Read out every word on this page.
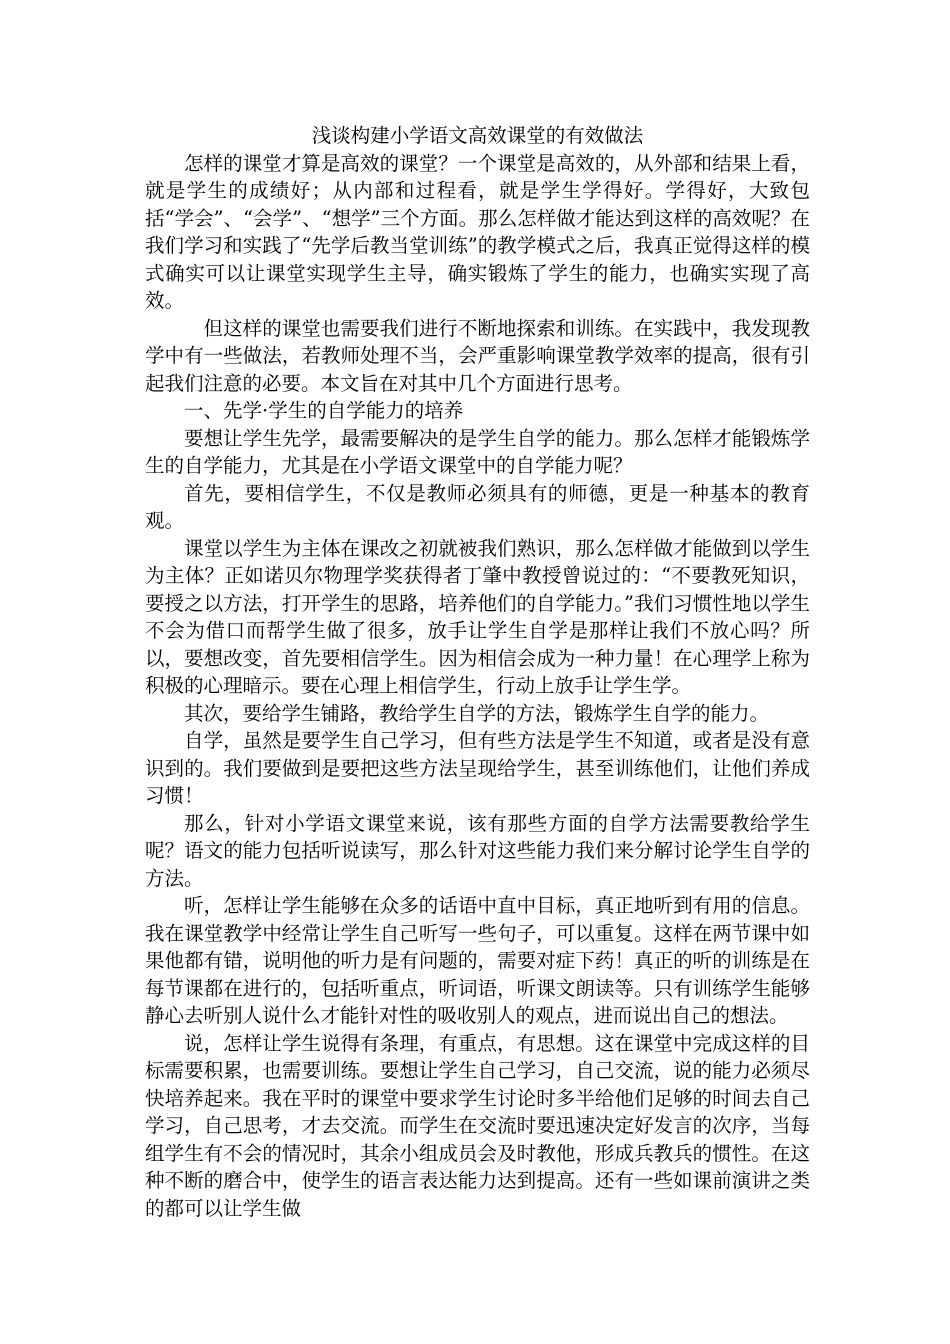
浅谈构建小学语文高效课堂的有效做法

怎样的课堂才算是高效的课堂？一个课堂是高效的，从外部和结果上看，就是学生的成绩好；从内部和过程看，就是学生学得好。学得好，大致包括“学会”、“会学”、“想学”三个方面。那么怎样做才能达到这样的高效呢？在我们学习和实践了“先学后教当堂训练”的教学模式之后，我真正觉得这样的模式确实可以让课堂实现学生主导，确实锻炼了学生的能力，也确实实现了高效。

但这样的课堂也需要我们进行不断地探索和训练。在实践中，我发现教学中有一些做法，若教师处理不当，会严重影响课堂教学效率的提高，很有引起我们注意的必要。本文旨在对其中几个方面进行思考。

一、先学·学生的自学能力的培养

要想让学生先学，最需要解决的是学生自学的能力。那么怎样才能锻炼学生的自学能力，尤其是在小学语文课堂中的自学能力呢？

首先，要相信学生，不仅是教师必须具有的师德，更是一种基本的教育观。

课堂以学生为主体在课改之初就被我们熟识，那么怎样做才能做到以学生为主体？正如诺贝尔物理学奖获得者丁肇中教授曾说过的：“不要教死知识，要授之以方法，打开学生的思路，培养他们的自学能力。”我们习惯性地以学生不会为借口而帮学生做了很多，放手让学生自学是那样让我们不放心吗？所以，要想改变，首先要相信学生。因为相信会成为一种力量！在心理学上称为积极的心理暗示。要在心理上相信学生，行动上放手让学生学。

其次，要给学生铺路，教给学生自学的方法，锻炼学生自学的能力。

自学，虽然是要学生自己学习，但有些方法是学生不知道，或者是没有意识到的。我们要做到是要把这些方法呈现给学生，甚至训练他们，让他们养成习惯！

那么，针对小学语文课堂来说，该有那些方面的自学方法需要教给学生呢？语文的能力包括听说读写，那么针对这些能力我们来分解讨论学生自学的方法。

听，怎样让学生能够在众多的话语中直中目标，真正地听到有用的信息。我在课堂教学中经常让学生自己听写一些句子，可以重复。这样在两节课中如果他都有错，说明他的听力是有问题的，需要对症下药！真正的听的训练是在每节课都在进行的，包括听重点，听词语，听课文朗读等。只有训练学生能够静心去听别人说什么才能针对性的吸收别人的观点，进而说出自己的想法。

说，怎样让学生说得有条理，有重点，有思想。这在课堂中完成这样的目标需要积累，也需要训练。要想让学生自己学习，自己交流，说的能力必须尽快培养起来。我在平时的课堂中要求学生讨论时多半给他们足够的时间去自己学习，自己思考，才去交流。而学生在交流时要迅速决定好发言的次序，当每组学生有不会的情况时，其余小组成员会及时教他，形成兵教兵的惯性。在这种不断的磨合中，使学生的语言表达能力达到提高。还有一些如课前演讲之类的都可以让学生做
